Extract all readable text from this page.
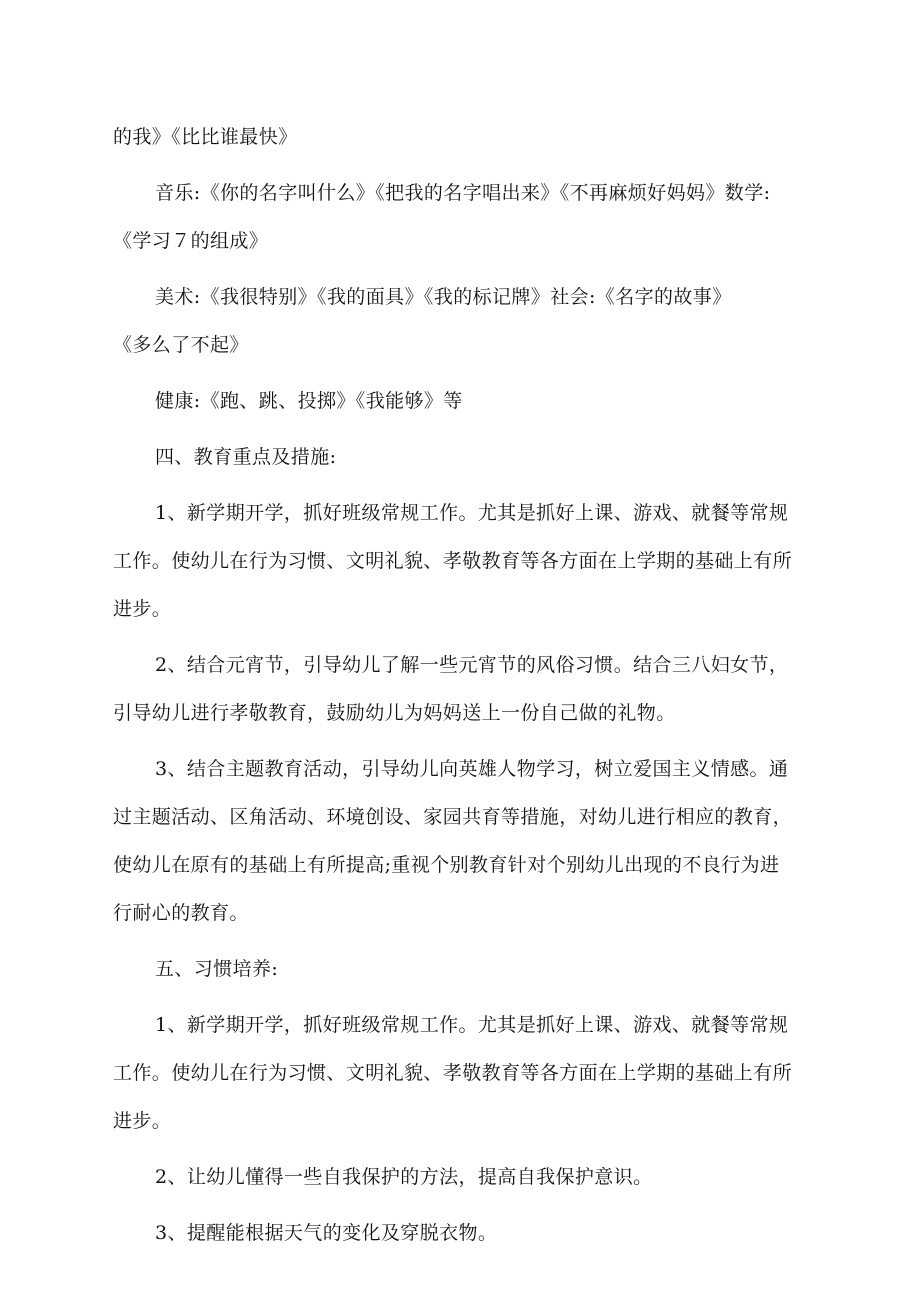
的我》《比比谁最快》

音乐:《你的名字叫什么》《把我的名字唱出来》《不再麻烦好妈妈》数学:
《学习７的组成》

美术:《我很特别》《我的面具》《我的标记牌》社会:《名字的故事》
《多么了不起》

健康:《跑、跳、投掷》《我能够》等

四、教育重点及措施:

1、新学期开学，抓好班级常规工作。尤其是抓好上课、游戏、就餐等常规
工作。使幼儿在行为习惯、文明礼貌、孝敬教育等各方面在上学期的基础上有所
进步。

2、结合元宵节，引导幼儿了解一些元宵节的风俗习惯。结合三八妇女节，
引导幼儿进行孝敬教育，鼓励幼儿为妈妈送上一份自己做的礼物。

3、结合主题教育活动，引导幼儿向英雄人物学习，树立爱国主义情感。通
过主题活动、区角活动、环境创设、家园共育等措施，对幼儿进行相应的教育，
使幼儿在原有的基础上有所提高;重视个别教育针对个别幼儿出现的不良行为进
行耐心的教育。

五、习惯培养:

1、新学期开学，抓好班级常规工作。尤其是抓好上课、游戏、就餐等常规
工作。使幼儿在行为习惯、文明礼貌、孝敬教育等各方面在上学期的基础上有所
进步。

2、让幼儿懂得一些自我保护的方法，提高自我保护意识。

3、提醒能根据天气的变化及穿脱衣物。
